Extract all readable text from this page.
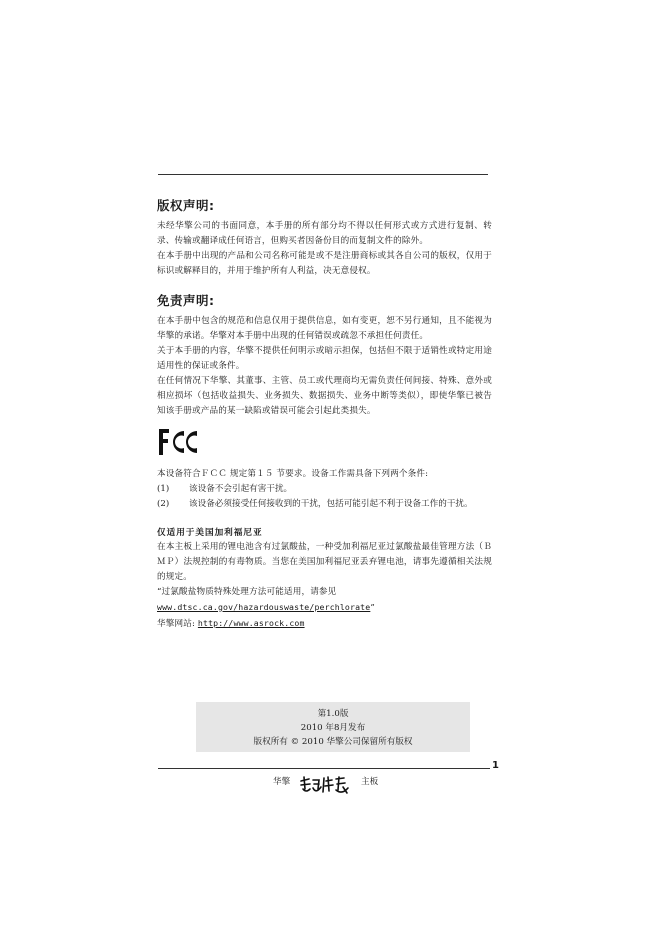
版权声明:

未经华擎公司的书面同意，本手册的所有部分均不得以任何形式或方式进行复制、转录、传输或翻译成任何语言，但购买者因备份目的而复制文件的除外。

在本手册中出现的产品和公司名称可能是或不是注册商标或其各自公司的版权，仅用于标识或解释目的，并用于维护所有人利益，决无意侵权。

免责声明:

在本手册中包含的规范和信息仅用于提供信息，如有变更，恕不另行通知，且不能视为华擎的承诺。华擎对本手册中出现的任何错误或疏忽不承担任何责任。

关于本手册的内容，华擎不提供任何明示或暗示担保，包括但不限于适销性或特定用途适用性的保证或条件。

在任何情况下华擎、其董事、主管、员工或代理商均无需负责任何间接、特殊、意外或相应损坏（包括收益损失、业务损失、数据损失、业务中断等类似），即使华擎已被告知该手册或产品的某一缺陷或错误可能会引起此类损失。

本设备符合ＦＣＣ 规定第１５ 节要求。设备工作需具备下列两个条件:

(1)	该设备不会引起有害干扰。
(2)	该设备必须接受任何接收到的干扰，包括可能引起不利于设备工作的干扰。
仅适用于美国加利福尼亚

在本主板上采用的锂电池含有过氯酸盐，一种受加利福尼亚过氯酸盐最佳管理方法（ＢＭＰ）法规控制的有毒物质。当您在美国加利福尼亚丢弃锂电池，请事先遵循相关法规的规定。

“过氯酸盐物质特殊处理方法可能适用，请参见
www.dtsc.ca.gov/hazardouswaste/perchlorate”

华擎网站: http://www.asrock.com

第1.0版
2010 年8月发布
版权所有 © 2010 华擎公司保留所有版权
1
华擎	主板
